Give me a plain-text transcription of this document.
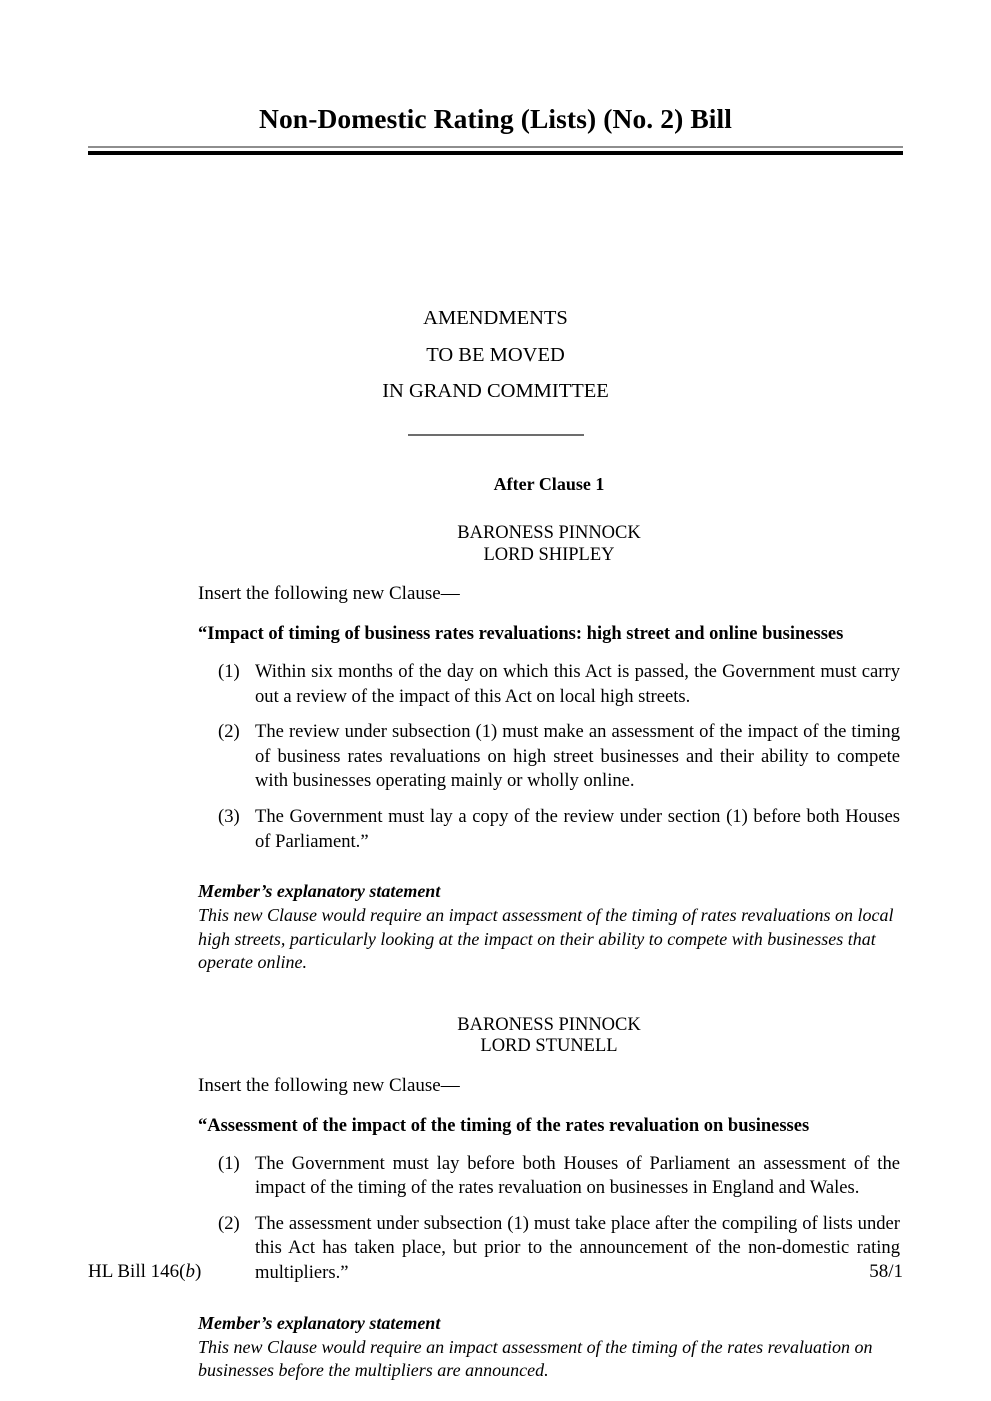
Non-Domestic Rating (Lists) (No. 2) Bill
AMENDMENTS
TO BE MOVED
IN GRAND COMMITTEE
After Clause 1
BARONESS PINNOCK
LORD SHIPLEY

Insert the following new Clause—

“Impact of timing of business rates revaluations: high street and online businesses

(1) Within six months of the day on which this Act is passed, the Government must carry out a review of the impact of this Act on local high streets.
(2) The review under subsection (1) must make an assessment of the impact of the timing of business rates revaluations on high street businesses and their ability to compete with businesses operating mainly or wholly online.
(3) The Government must lay a copy of the review under section (1) before both Houses of Parliament.”

Member’s explanatory statement

This new Clause would require an impact assessment of the timing of rates revaluations on local high streets, particularly looking at the impact on their ability to compete with businesses that operate online.

BARONESS PINNOCK
LORD STUNELL

Insert the following new Clause—

“Assessment of the impact of the timing of the rates revaluation on businesses

(1) The Government must lay before both Houses of Parliament an assessment of the impact of the timing of the rates revaluation on businesses in England and Wales.
(2) The assessment under subsection (1) must take place after the compiling of lists under this Act has taken place, but prior to the announcement of the non-domestic rating multipliers.”

Member’s explanatory statement

This new Clause would require an impact assessment of the timing of the rates revaluation on businesses before the multipliers are announced.

HL Bill 146(b)	58/1
